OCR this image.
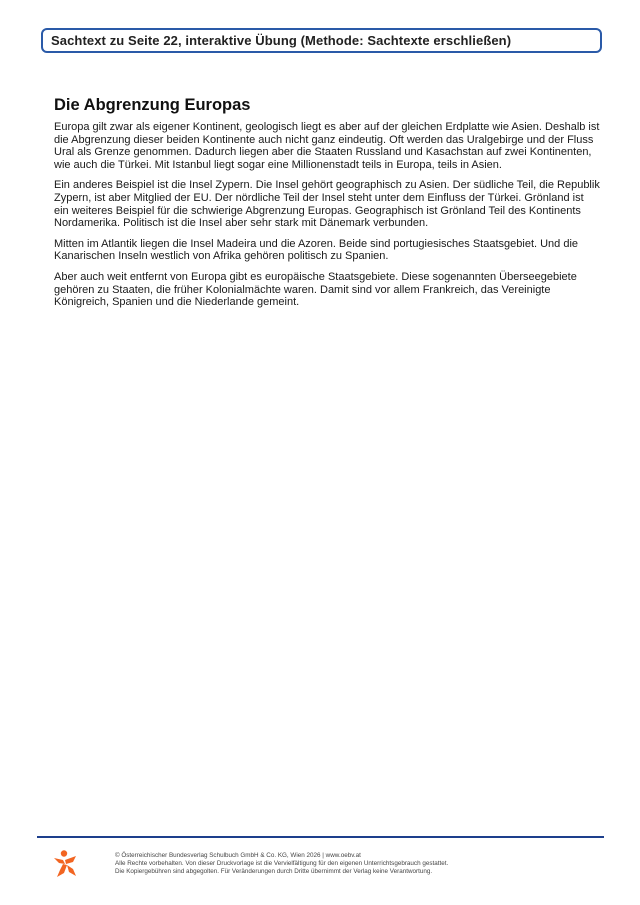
Sachtext zu Seite 22, interaktive Übung (Methode: Sachtexte erschließen)
Die Abgrenzung Europas

Europa gilt zwar als eigener Kontinent, geologisch liegt es aber auf der gleichen Erdplatte wie Asien. Deshalb ist die Abgrenzung dieser beiden Kontinente auch nicht ganz eindeutig. Oft werden das Uralgebirge und der Fluss Ural als Grenze genommen. Dadurch liegen aber die Staaten Russland und Kasachstan auf zwei Kontinenten, wie auch die Türkei. Mit Istanbul liegt sogar eine Millionenstadt teils in Europa, teils in Asien.

Ein anderes Beispiel ist die Insel Zypern. Die Insel gehört geographisch zu Asien. Der südliche Teil, die Republik Zypern, ist aber Mitglied der EU. Der nördliche Teil der Insel steht unter dem Einfluss der Türkei. Grönland ist ein weiteres Beispiel für die schwierige Abgrenzung Europas. Geographisch ist Grönland Teil des Kontinents Nordamerika. Politisch ist die Insel aber sehr stark mit Dänemark verbunden.

Mitten im Atlantik liegen die Insel Madeira und die Azoren. Beide sind portugiesisches Staatsgebiet. Und die Kanarischen Inseln westlich von Afrika gehören politisch zu Spanien.

Aber auch weit entfernt von Europa gibt es europäische Staatsgebiete. Diese sogenannten Überseegebiete gehören zu Staaten, die früher Kolonialmächte waren. Damit sind vor allem Frankreich, das Vereinigte Königreich, Spanien und die Niederlande gemeint.

© Österreichischer Bundesverlag Schulbuch GmbH & Co. KG, Wien 2026 | www.oebv.at
Alle Rechte vorbehalten. Von dieser Druckvorlage ist die Vervielfältigung für den eigenen Unterrichtsgebrauch gestattet.
Die Kopiergebühren sind abgegolten. Für Veränderungen durch Dritte übernimmt der Verlag keine Verantwortung.
